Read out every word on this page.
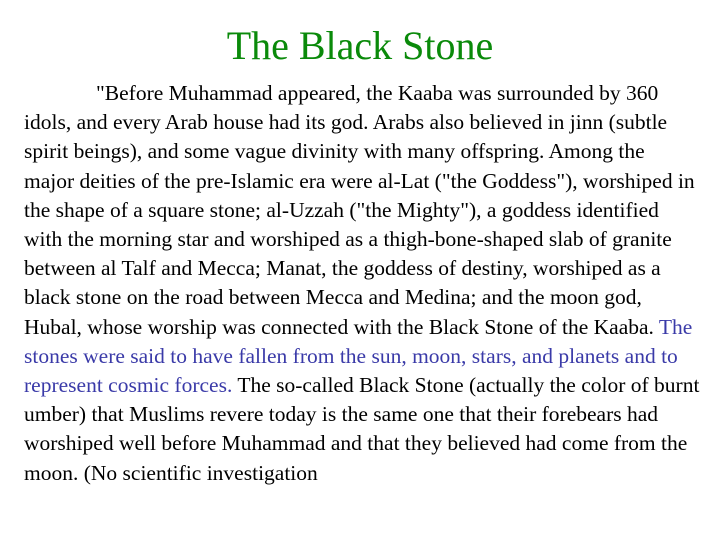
The Black Stone

"Before Muhammad appeared, the Kaaba was surrounded by 360 idols, and every Arab house had its god. Arabs also believed in jinn (subtle spirit beings), and some vague divinity with many offspring. Among the major deities of the pre-Islamic era were al-Lat ("the Goddess"), worshiped in the shape of a square stone; al-Uzzah ("the Mighty"), a goddess identified with the morning star and worshiped as a thigh-bone-shaped slab of granite between al Talf and Mecca; Manat, the goddess of destiny, worshiped as a black stone on the road between Mecca and Medina; and the moon god, Hubal, whose worship was connected with the Black Stone of the Kaaba. The stones were said to have fallen from the sun, moon, stars, and planets and to represent cosmic forces. The so-called Black Stone (actually the color of burnt umber) that Muslims revere today is the same one that their forebears had worshiped well before Muhammad and that they believed had come from the moon. (No scientific investigation
